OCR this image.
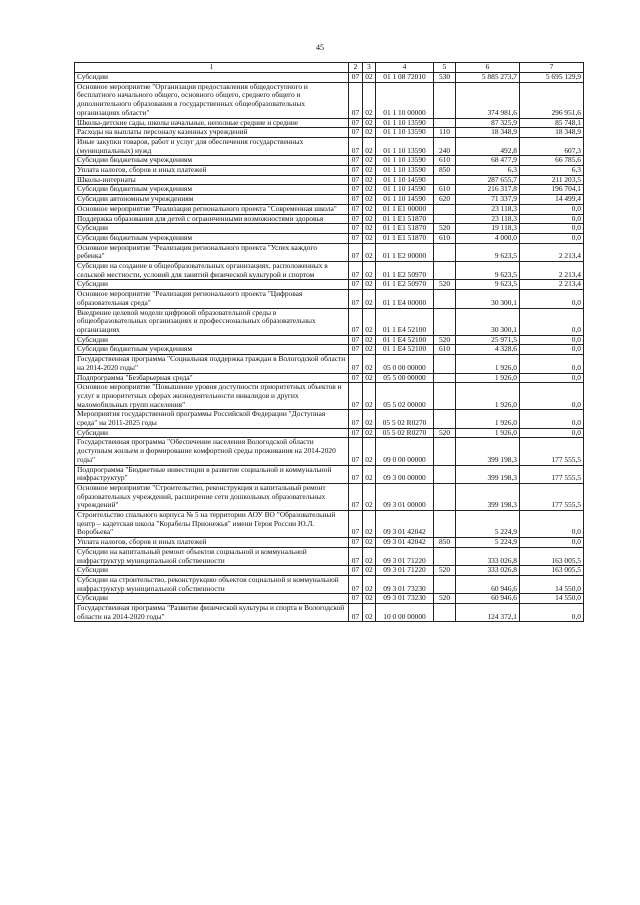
45
1	2	3	4	5	6	7
Субсидии	07	02	01 1 08 72010	530	5 885 273,7	5 695 129,9
Основное мероприятие "Организация предоставления общедоступного и бесплатного начального общего, основного общего, среднего общего и дополнительного образования в государственных общеобразовательных организациях области"	07	02	01 1 10 00000		374 981,6	296 951,6
Школы-детские сады, школы начальные, неполные средние и средние	07	02	01 1 10 13590		87 325,9	85 748,1
Расходы на выплаты персоналу казенных учреждений	07	02	01 1 10 13590	110	18 348,9	18 348,9
Иные закупки товаров, работ и услуг для обеспечения государственных (муниципальных) нужд	07	02	01 1 10 13590	240	492,8	607,3
Субсидии бюджетным учреждениям	07	02	01 1 10 13590	610	68 477,9	66 785,6
Уплата налогов, сборов и иных платежей	07	02	01 1 10 13590	850	6,3	6,3
Школы-интернаты	07	02	01 1 10 14590		287 655,7	211 203,5
Субсидии бюджетным учреждениям	07	02	01 1 10 14590	610	216 317,8	196 704,1
Субсидии автономным учреждениям	07	02	01 1 10 14590	620	71 337,9	14 499,4
Основное мероприятие "Реализация регионального проекта "Современная школа"	07	02	01 1 E1 00000		23 118,3	0,0
Поддержка образования для детей с ограниченными возможностями здоровья	07	02	01 1 E1 51870		23 118,3	0,0
Субсидии	07	02	01 1 E1 51870	520	19 118,3	0,0
Субсидии бюджетным учреждениям	07	02	01 1 E1 51870	610	4 000,0	0,0
Основное мероприятие "Реализация регионального проекта "Успех каждого ребенка"	07	02	01 1 E2 00000		9 623,5	2 213,4
Субсидии на создание в общеобразовательных организациях, расположенных в сельской местности, условий для занятий физической культурой и спортом	07	02	01 1 E2 50970		9 623,5	2 213,4
Субсидии	07	02	01 1 E2 50970	520	9 623,5	2 213,4
Основное мероприятие "Реализация регионального проекта "Цифровая образовательная среда"	07	02	01 1 E4 00000		30 300,1	0,0
Внедрение целевой модели цифровой образовательной среды в общеобразовательных организациях и профессиональных образовательных организациях	07	02	01 1 E4 52100		30 300,1	0,0
Субсидии	07	02	01 1 E4 52100	520	25 971,5	0,0
Субсидии бюджетным учреждениям	07	02	01 1 E4 52100	610	4 328,6	0,0
Государственная программа "Социальная поддержка граждан в Вологодской области на 2014-2020 годы"	07	02	05 0 00 00000		1 926,0	0,0
Подпрограмма "Безбарьерная среда"	07	02	05 5 00 00000		1 926,0	0,0
Основное мероприятие "Повышение уровня доступности приоритетных объектов и услуг в приоритетных сферах жизнедеятельности инвалидов и других маломобильных групп населения"	07	02	05 5 02 00000		1 926,0	0,0
Мероприятия государственной программы Российской Федерации "Доступная среда" на 2011-2025 годы	07	02	05 5 02 R0270		1 926,0	0,0
Субсидии	07	02	05 5 02 R0270	520	1 926,0	0,0
Государственная программа "Обеспечение населения Вологодской области доступным жильем и формирование комфортной среды проживания на 2014-2020 годы"	07	02	09 0 00 00000		399 198,3	177 555,5
Подпрограмма "Бюджетные инвестиции в развитие социальной и коммунальной инфраструктур"	07	02	09 3 00 00000		399 198,3	177 555,5
Основное мероприятие "Строительство, реконструкция и капитальный ремонт образовательных учреждений, расширение сети дошкольных образовательных учреждений"	07	02	09 3 01 00000		399 198,3	177 555,5
Строительство спального корпуса № 5 на территории АОУ ВО "Образовательный центр – кадетская школа "Корабелы Прионежья" имени Героя России Ю.Л. Воробьева"	07	02	09 3 01 42042		5 224,9	0,0
Уплата налогов, сборов и иных платежей	07	02	09 3 01 42042	850	5 224,9	0,0
Субсидии на капитальный ремонт объектов социальной и коммунальной инфраструктур муниципальной собственности	07	02	09 3 01 71220		333 026,8	163 005,5
Субсидии	07	02	09 3 01 71220	520	333 026,8	163 005,5
Субсидии на строительство, реконструкцию объектов социальной и коммунальной инфраструктур муниципальной собственности	07	02	09 3 01 73230		60 946,6	14 550,0
Субсидии	07	02	09 3 01 73230	520	60 946,6	14 550,0
Государственная программа "Развитие физической культуры и спорта в Вологодской области на 2014-2020 годы"	07	02	10 0 00 00000		124 372,1	0,0
